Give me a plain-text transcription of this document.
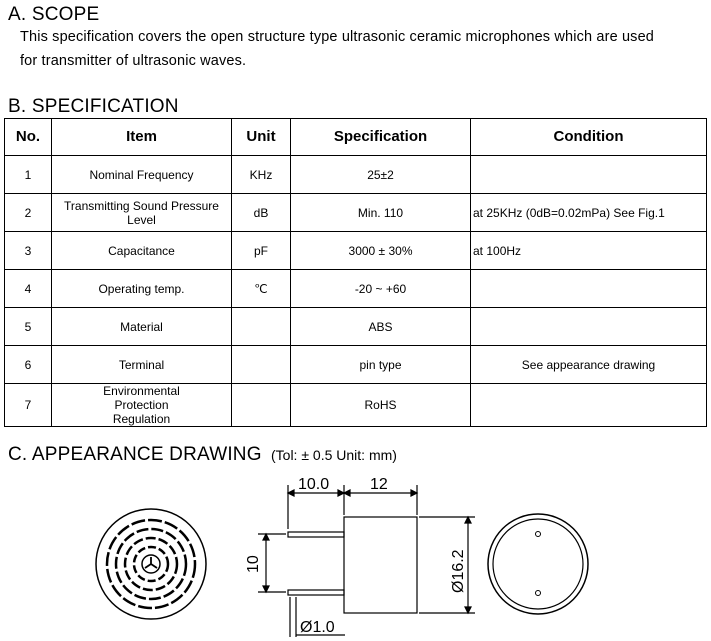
A. SCOPE
This specification covers the open structure type ultrasonic ceramic microphones which are used
for transmitter of ultrasonic waves.
B. SPECIFICATION
No.	Item	Unit	Specification	Condition
1	Nominal Frequency	KHz	25±2	
2	Transmitting Sound Pressure Level	dB	Min. 110	at 25KHz (0dB=0.02mPa) See Fig.1
3	Capacitance	pF	3000 ± 30%	at 100Hz
4	Operating temp.	℃	-20 ~ +60	
5	Material		ABS	
6	Terminal		pin type	See appearance drawing
7	Environmental Protection Regulation		RoHS	
C. APPEARANCE DRAWING (Tol: ± 0.5 Unit: mm)
10.0	12
10	Ø16.2
Ø1.0
